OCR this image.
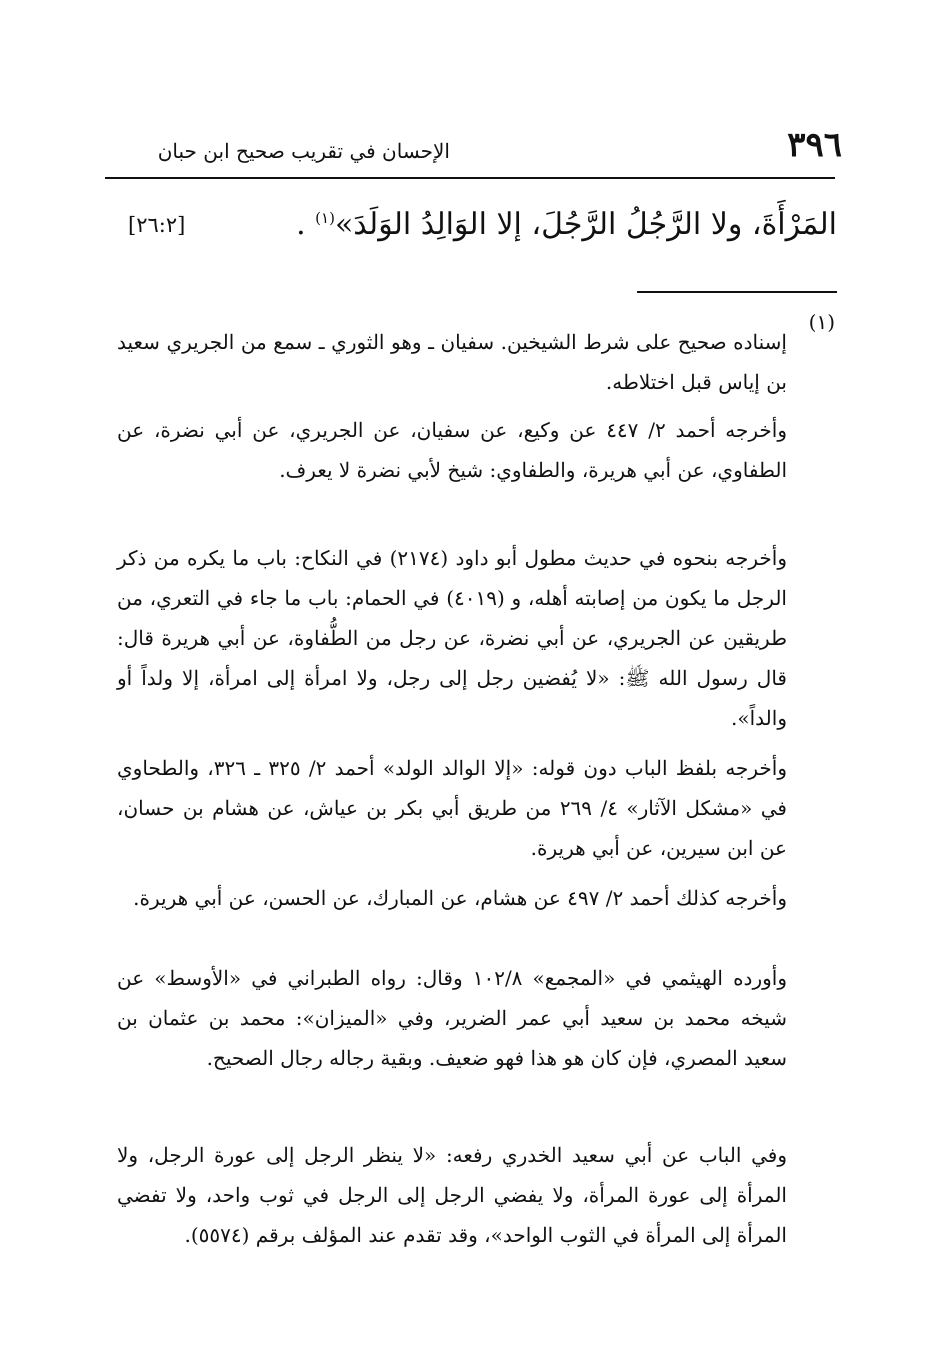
٣٩٦
الإحسان في تقريب صحيح ابن حبان
المَرْأَةَ، ولا الرَّجُلُ الرَّجُلَ، إلا الوَالِدُ الوَلَدَ»$^{(١)}$ .
[٢٦:٢]
(١)

إسناده صحيح على شرط الشيخين. سفيان ـ وهو الثوري ـ سمع من الجريري سعيد بن إياس قبل اختلاطه.

وأخرجه أحمد ٢/ ٤٤٧ عن وكيع، عن سفيان، عن الجريري، عن أبي نضرة، عن الطفاوي، عن أبي هريرة، والطفاوي: شيخ لأبي نضرة لا يعرف.

وأخرجه بنحوه في حديث مطول أبو داود (٢١٧٤) في النكاح: باب ما يكره من ذكر الرجل ما يكون من إصابته أهله، و (٤٠١٩) في الحمام: باب ما جاء في التعري، من طريقين عن الجريري، عن أبي نضرة، عن رجل من الطُّفاوة، عن أبي هريرة قال: قال رسول الله ﷺ: «لا يُفضين رجل إلى رجل، ولا امرأة إلى امرأة، إلا ولداً أو والداً».

وأخرجه بلفظ الباب دون قوله: «إلا الوالد الولد» أحمد ٢/ ٣٢٥ ـ ٣٢٦، والطحاوي في «مشكل الآثار» ٤/ ٢٦٩ من طريق أبي بكر بن عياش، عن هشام بن حسان، عن ابن سيرين، عن أبي هريرة.

وأخرجه كذلك أحمد ٢/ ٤٩٧ عن هشام، عن المبارك، عن الحسن، عن أبي هريرة.

وأورده الهيثمي في «المجمع» ١٠٢/٨ وقال: رواه الطبراني في «الأوسط» عن شيخه محمد بن سعيد أبي عمر الضرير، وفي «الميزان»: محمد بن عثمان بن سعيد المصري، فإن كان هو هذا فهو ضعيف. وبقية رجاله رجال الصحيح.

وفي الباب عن أبي سعيد الخدري رفعه: «لا ينظر الرجل إلى عورة الرجل، ولا المرأة إلى عورة المرأة، ولا يفضي الرجل إلى الرجل في ثوب واحد، ولا تفضي المرأة إلى المرأة في الثوب الواحد»، وقد تقدم عند المؤلف برقم (٥٥٧٤).
